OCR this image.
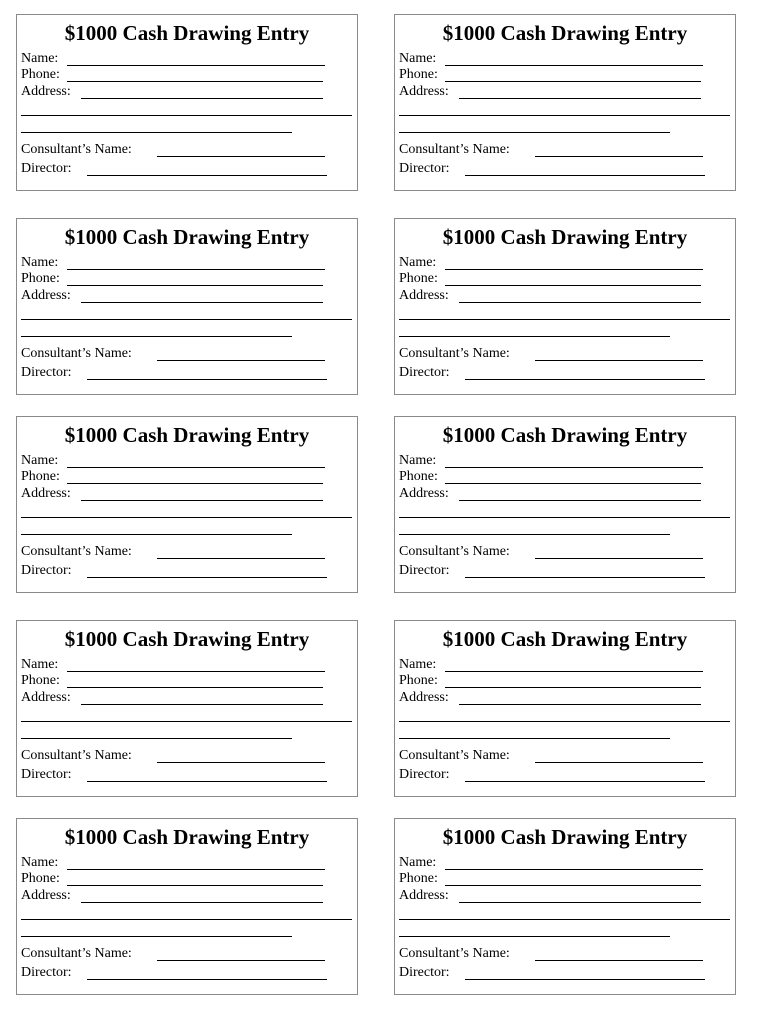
$1000 Cash Drawing Entry
Name:
Phone:
Address:
Consultant’s Name:
Director:
$1000 Cash Drawing Entry
Name:
Phone:
Address:
Consultant’s Name:
Director:
$1000 Cash Drawing Entry
Name:
Phone:
Address:
Consultant’s Name:
Director:
$1000 Cash Drawing Entry
Name:
Phone:
Address:
Consultant’s Name:
Director:
$1000 Cash Drawing Entry
Name:
Phone:
Address:
Consultant’s Name:
Director:
$1000 Cash Drawing Entry
Name:
Phone:
Address:
Consultant’s Name:
Director:
$1000 Cash Drawing Entry
Name:
Phone:
Address:
Consultant’s Name:
Director:
$1000 Cash Drawing Entry
Name:
Phone:
Address:
Consultant’s Name:
Director:
$1000 Cash Drawing Entry
Name:
Phone:
Address:
Consultant’s Name:
Director:
$1000 Cash Drawing Entry
Name:
Phone:
Address:
Consultant’s Name:
Director:
